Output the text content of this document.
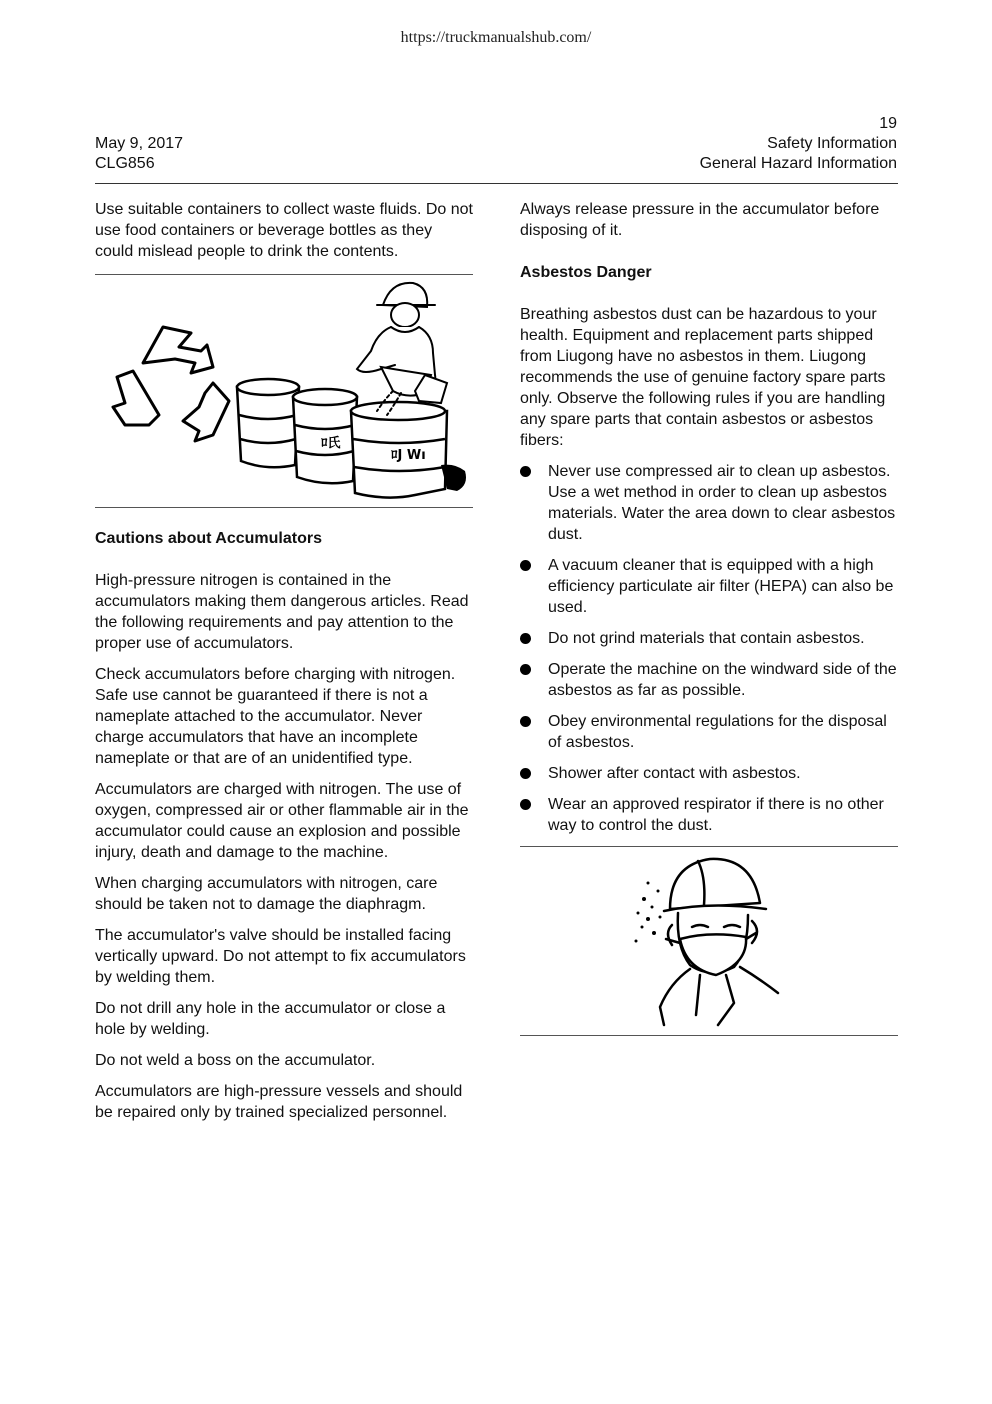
https://truckmanualshub.com/
May 9, 2017
CLG856
19
Safety Information
General Hazard Information

Use suitable containers to collect waste fluids. Do not use food containers or beverage bottles as they could mislead people to drink the contents.

ﾛ氏
ﾛJ Wı

Cautions about Accumulators

High-pressure nitrogen is contained in the accumulators making them dangerous articles. Read the following requirements and pay attention to the proper use of accumulators.

Check accumulators before charging with nitrogen. Safe use cannot be guaranteed if there is not a nameplate attached to the accumulator. Never charge accumulators that have an incomplete nameplate or that are of an unidentified type.

Accumulators are charged with nitrogen. The use of oxygen, compressed air or other flammable air in the accumulator could cause an explosion and possible injury, death and damage to the machine.

When charging accumulators with nitrogen, care should be taken not to damage the diaphragm.

The accumulator's valve should be installed facing vertically upward. Do not attempt to fix accumulators by welding them.

Do not drill any hole in the accumulator or close a hole by welding.

Do not weld a boss on the accumulator.

Accumulators are high-pressure vessels and should be repaired only by trained specialized personnel.

Always release pressure in the accumulator before disposing of it.

Asbestos Danger

Breathing asbestos dust can be hazardous to your health. Equipment and replacement parts shipped from Liugong have no asbestos in them. Liugong recommends the use of genuine factory spare parts only. Observe the following rules if you are handling any spare parts that contain asbestos or asbestos fibers:

Never use compressed air to clean up asbestos. Use a wet method in order to clean up asbestos materials. Water the area down to clear asbestos dust.
A vacuum cleaner that is equipped with a high efficiency particulate air filter (HEPA) can also be used.
Do not grind materials that contain asbestos.
Operate the machine on the windward side of the asbestos as far as possible.
Obey environmental regulations for the disposal of asbestos.
Shower after contact with asbestos.
Wear an approved respirator if there is no other way to control the dust.
